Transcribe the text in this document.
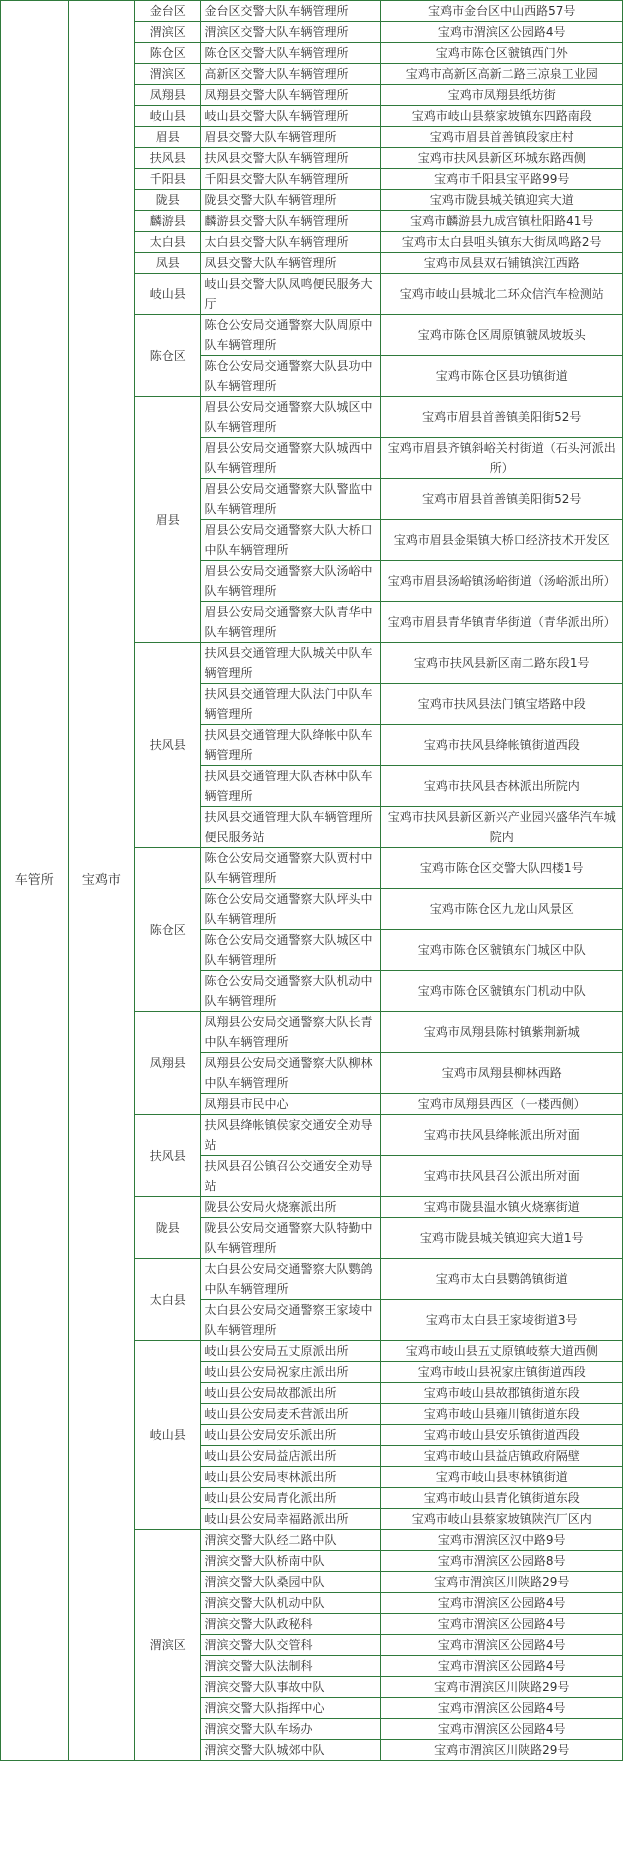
车管所	宝鸡市	金台区	金台区交警大队车辆管理所	宝鸡市金台区中山西路57号
		渭滨区	渭滨区交警大队车辆管理所	宝鸡市渭滨区公园路4号
		陈仓区	陈仓区交警大队车辆管理所	宝鸡市陈仓区虢镇西门外
		渭滨区	高新区交警大队车辆管理所	宝鸡市高新区高新二路三凉泉工业园
		凤翔县	凤翔县交警大队车辆管理所	宝鸡市凤翔县纸坊街
		岐山县	岐山县交警大队车辆管理所	宝鸡市岐山县蔡家坡镇东四路南段
		眉县	眉县交警大队车辆管理所	宝鸡市眉县首善镇段家庄村
		扶风县	扶风县交警大队车辆管理所	宝鸡市扶风县新区环城东路西侧
		千阳县	千阳县交警大队车辆管理所	宝鸡市千阳县宝平路99号
		陇县	陇县交警大队车辆管理所	宝鸡市陇县城关镇迎宾大道
		麟游县	麟游县交警大队车辆管理所	宝鸡市麟游县九成宫镇杜阳路41号
		太白县	太白县交警大队车辆管理所	宝鸡市太白县咀头镇东大街凤鸣路2号
		凤县	凤县交警大队车辆管理所	宝鸡市凤县双石铺镇滨江西路
		岐山县	岐山县交警大队凤鸣便民服务大厅	宝鸡市岐山县城北二环众信汽车检测站
		陈仓区	陈仓公安局交通警察大队周原中队车辆管理所	宝鸡市陈仓区周原镇虢凤坡坂头
			陈仓公安局交通警察大队县功中队车辆管理所	宝鸡市陈仓区县功镇街道
		眉县	眉县公安局交通警察大队城区中队车辆管理所	宝鸡市眉县首善镇美阳街52号
			眉县公安局交通警察大队城西中队车辆管理所	宝鸡市眉县齐镇斜峪关村街道（石头河派出所）
			眉县公安局交通警察大队警监中队车辆管理所	宝鸡市眉县首善镇美阳街52号
			眉县公安局交通警察大队大桥口中队车辆管理所	宝鸡市眉县金渠镇大桥口经济技术开发区
			眉县公安局交通警察大队汤峪中队车辆管理所	宝鸡市眉县汤峪镇汤峪街道（汤峪派出所）
			眉县公安局交通警察大队青华中队车辆管理所	宝鸡市眉县青华镇青华街道（青华派出所）
		扶风县	扶风县交通管理大队城关中队车辆管理所	宝鸡市扶风县新区南二路东段1号
			扶风县交通管理大队法门中队车辆管理所	宝鸡市扶风县法门镇宝塔路中段
			扶风县交通管理大队绛帐中队车辆管理所	宝鸡市扶风县绛帐镇街道西段
			扶风县交通管理大队杏林中队车辆管理所	宝鸡市扶风县杏林派出所院内
			扶风县交通管理大队车辆管理所便民服务站	宝鸡市扶风县新区新兴产业园兴盛华汽车城院内
		陈仓区	陈仓公安局交通警察大队贾村中队车辆管理所	宝鸡市陈仓区交警大队四楼1号
			陈仓公安局交通警察大队坪头中队车辆管理所	宝鸡市陈仓区九龙山风景区
			陈仓公安局交通警察大队城区中队车辆管理所	宝鸡市陈仓区虢镇东门城区中队
			陈仓公安局交通警察大队机动中队车辆管理所	宝鸡市陈仓区虢镇东门机动中队
		凤翔县	凤翔县公安局交通警察大队长青中队车辆管理所	宝鸡市凤翔县陈村镇紫荆新城
			凤翔县公安局交通警察大队柳林中队车辆管理所	宝鸡市凤翔县柳林西路
			凤翔县市民中心	宝鸡市凤翔县西区（一楼西侧）
		扶风县	扶风县绛帐镇侯家交通安全劝导站	宝鸡市扶风县绛帐派出所对面
			扶风县召公镇召公交通安全劝导站	宝鸡市扶风县召公派出所对面
		陇县	陇县公安局火烧寨派出所	宝鸡市陇县温水镇火烧寨街道
			陇县公安局交通警察大队特勤中队车辆管理所	宝鸡市陇县城关镇迎宾大道1号
		太白县	太白县公安局交通警察大队鹦鸽中队车辆管理所	宝鸡市太白县鹦鸽镇街道
			太白县公安局交通警察王家堎中队车辆管理所	宝鸡市太白县王家堎街道3号
		岐山县	岐山县公安局五丈原派出所	宝鸡市岐山县五丈原镇岐蔡大道西侧
			岐山县公安局祝家庄派出所	宝鸡市岐山县祝家庄镇街道西段
			岐山县公安局故郡派出所	宝鸡市岐山县故郡镇街道东段
			岐山县公安局麦禾营派出所	宝鸡市岐山县雍川镇街道东段
			岐山县公安局安乐派出所	宝鸡市岐山县安乐镇街道西段
			岐山县公安局益店派出所	宝鸡市岐山县益店镇政府隔壁
			岐山县公安局枣林派出所	宝鸡市岐山县枣林镇街道
			岐山县公安局青化派出所	宝鸡市岐山县青化镇街道东段
			岐山县公安局幸福路派出所	宝鸡市岐山县蔡家坡镇陕汽厂区内
		渭滨区	渭滨交警大队经二路中队	宝鸡市渭滨区汉中路9号
			渭滨交警大队桥南中队	宝鸡市渭滨区公园路8号
			渭滨交警大队桑园中队	宝鸡市渭滨区川陕路29号
			渭滨交警大队机动中队	宝鸡市渭滨区公园路4号
			渭滨交警大队政秘科	宝鸡市渭滨区公园路4号
			渭滨交警大队交管科	宝鸡市渭滨区公园路4号
			渭滨交警大队法制科	宝鸡市渭滨区公园路4号
			渭滨交警大队事故中队	宝鸡市渭滨区川陕路29号
			渭滨交警大队指挥中心	宝鸡市渭滨区公园路4号
			渭滨交警大队车场办	宝鸡市渭滨区公园路4号
			渭滨交警大队城郊中队	宝鸡市渭滨区川陕路29号
